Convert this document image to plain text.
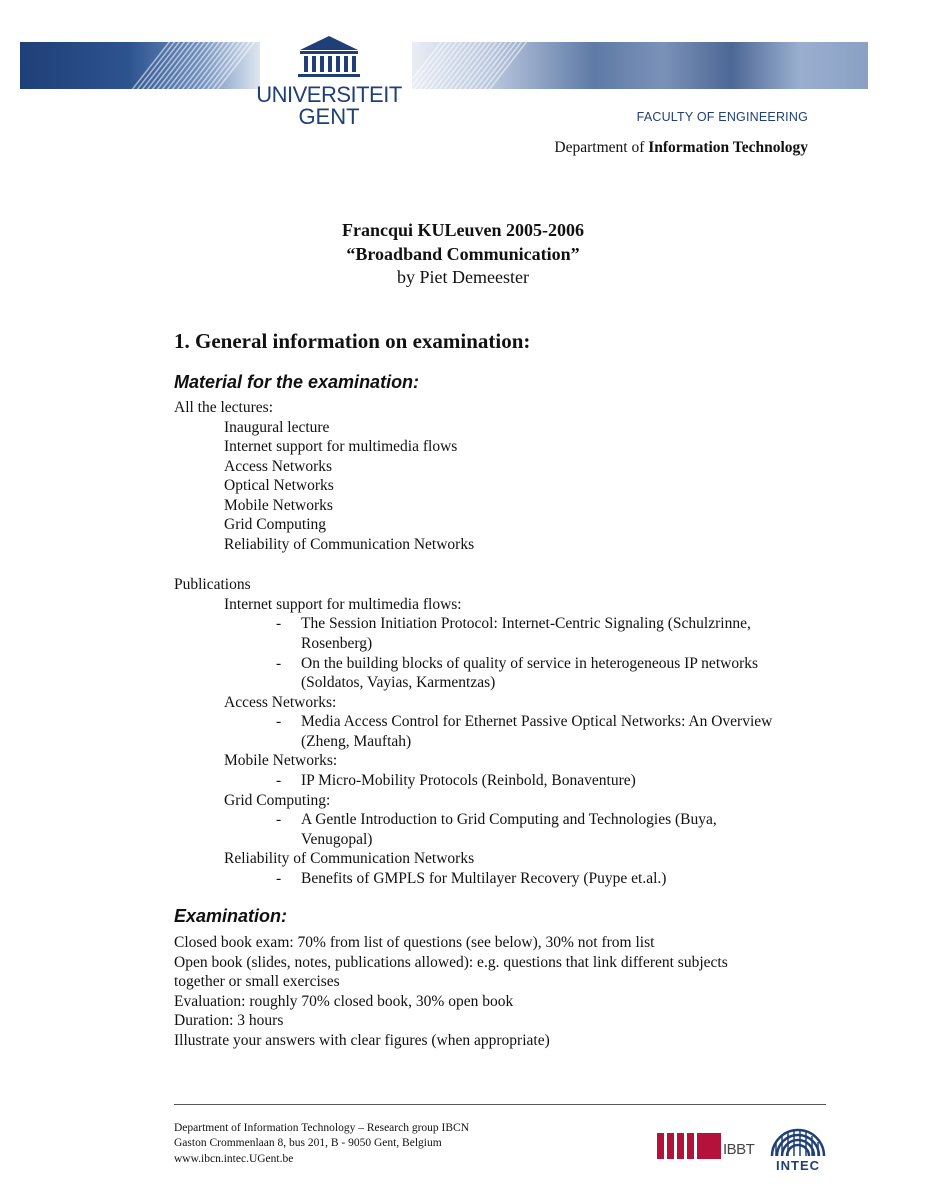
UNIVERSITEIT
GENT	FACULTY OF ENGINEERING
Department of Information Technology
Francqui KULeuven 2005-2006
“Broadband Communication”
by Piet Demeester
1. General information on examination:
Material for the examination:
All the lectures:
Inaugural lecture
Internet support for multimedia flows
Access Networks
Optical Networks
Mobile Networks
Grid Computing
Reliability of Communication Networks
Publications
Internet support for multimedia flows:
- The Session Initiation Protocol: Internet-Centric Signaling (Schulzrinne,
Rosenberg)
- On the building blocks of quality of service in heterogeneous IP networks
(Soldatos, Vayias, Karmentzas)
Access Networks:
- Media Access Control for Ethernet Passive Optical Networks: An Overview
(Zheng, Mauftah)
Mobile Networks:
- IP Micro-Mobility Protocols (Reinbold, Bonaventure)
Grid Computing:
- A Gentle Introduction to Grid Computing and Technologies (Buya,
Venugopal)
Reliability of Communication Networks
- Benefits of GMPLS for Multilayer Recovery (Puype et.al.)
Examination:
Closed book exam: 70% from list of questions (see below), 30% not from list
Open book (slides, notes, publications allowed): e.g. questions that link different subjects
together or small exercises
Evaluation: roughly 70% closed book, 30% open book
Duration: 3 hours
Illustrate your answers with clear figures (when appropriate)
Department of Information Technology – Research group IBCN
Gaston Crommenlaan 8, bus 201, B - 9050 Gent, Belgium
www.ibcn.intec.UGent.be
IBBT
INTEC
